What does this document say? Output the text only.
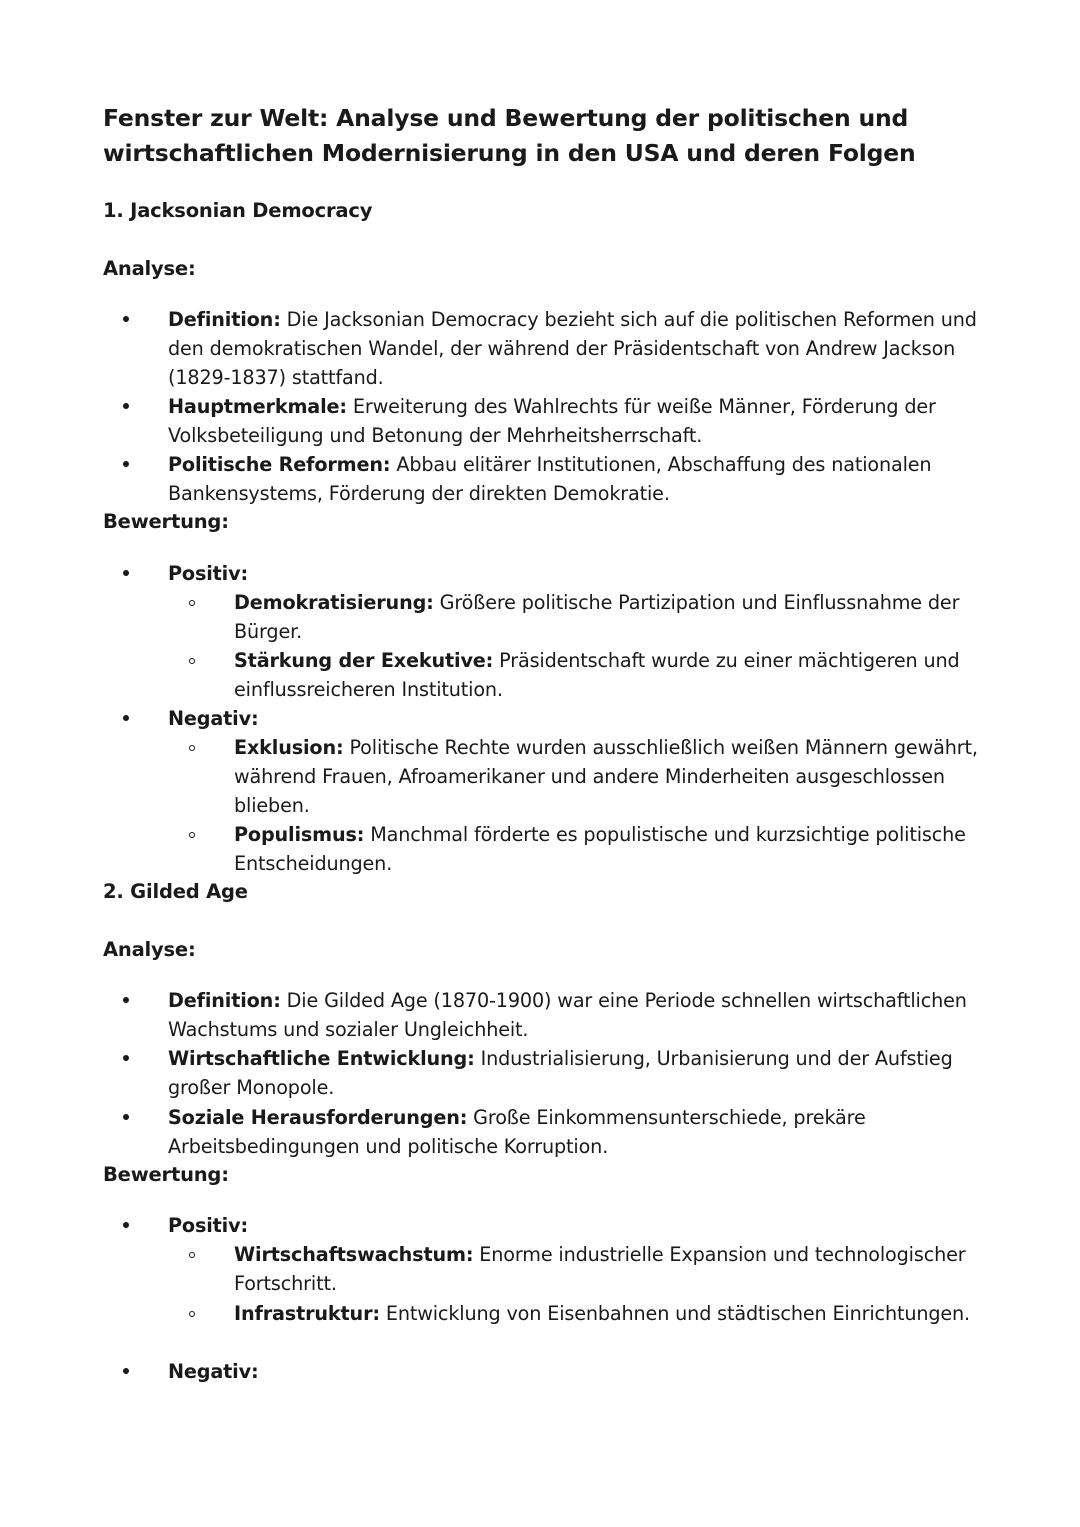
Fenster zur Welt: Analyse und Bewertung der politischen und wirtschaftlichen Modernisierung in den USA und deren Folgen
1. Jacksonian Democracy
Analyse:
Definition: Die Jacksonian Democracy bezieht sich auf die politischen Reformen und den demokratischen Wandel, der während der Präsidentschaft von Andrew Jackson (1829-1837) stattfand.
Hauptmerkmale: Erweiterung des Wahlrechts für weiße Männer, Förderung der Volksbeteiligung und Betonung der Mehrheitsherrschaft.
Politische Reformen: Abbau elitärer Institutionen, Abschaffung des nationalen Bankensystems, Förderung der direkten Demokratie.
Bewertung:
Positiv:
Demokratisierung: Größere politische Partizipation und Einflussnahme der Bürger.
Stärkung der Exekutive: Präsidentschaft wurde zu einer mächtigeren und einflussreicheren Institution.
Negativ:
Exklusion: Politische Rechte wurden ausschließlich weißen Männern gewährt, während Frauen, Afroamerikaner und andere Minderheiten ausgeschlossen blieben.
Populismus: Manchmal förderte es populistische und kurzsichtige politische Entscheidungen.
2. Gilded Age
Analyse:
Definition: Die Gilded Age (1870-1900) war eine Periode schnellen wirtschaftlichen Wachstums und sozialer Ungleichheit.
Wirtschaftliche Entwicklung: Industrialisierung, Urbanisierung und der Aufstieg großer Monopole.
Soziale Herausforderungen: Große Einkommensunterschiede, prekäre Arbeitsbedingungen und politische Korruption.
Bewertung:
Positiv:
Wirtschaftswachstum: Enorme industrielle Expansion und technologischer Fortschritt.
Infrastruktur: Entwicklung von Eisenbahnen und städtischen Einrichtungen.
Negativ:
